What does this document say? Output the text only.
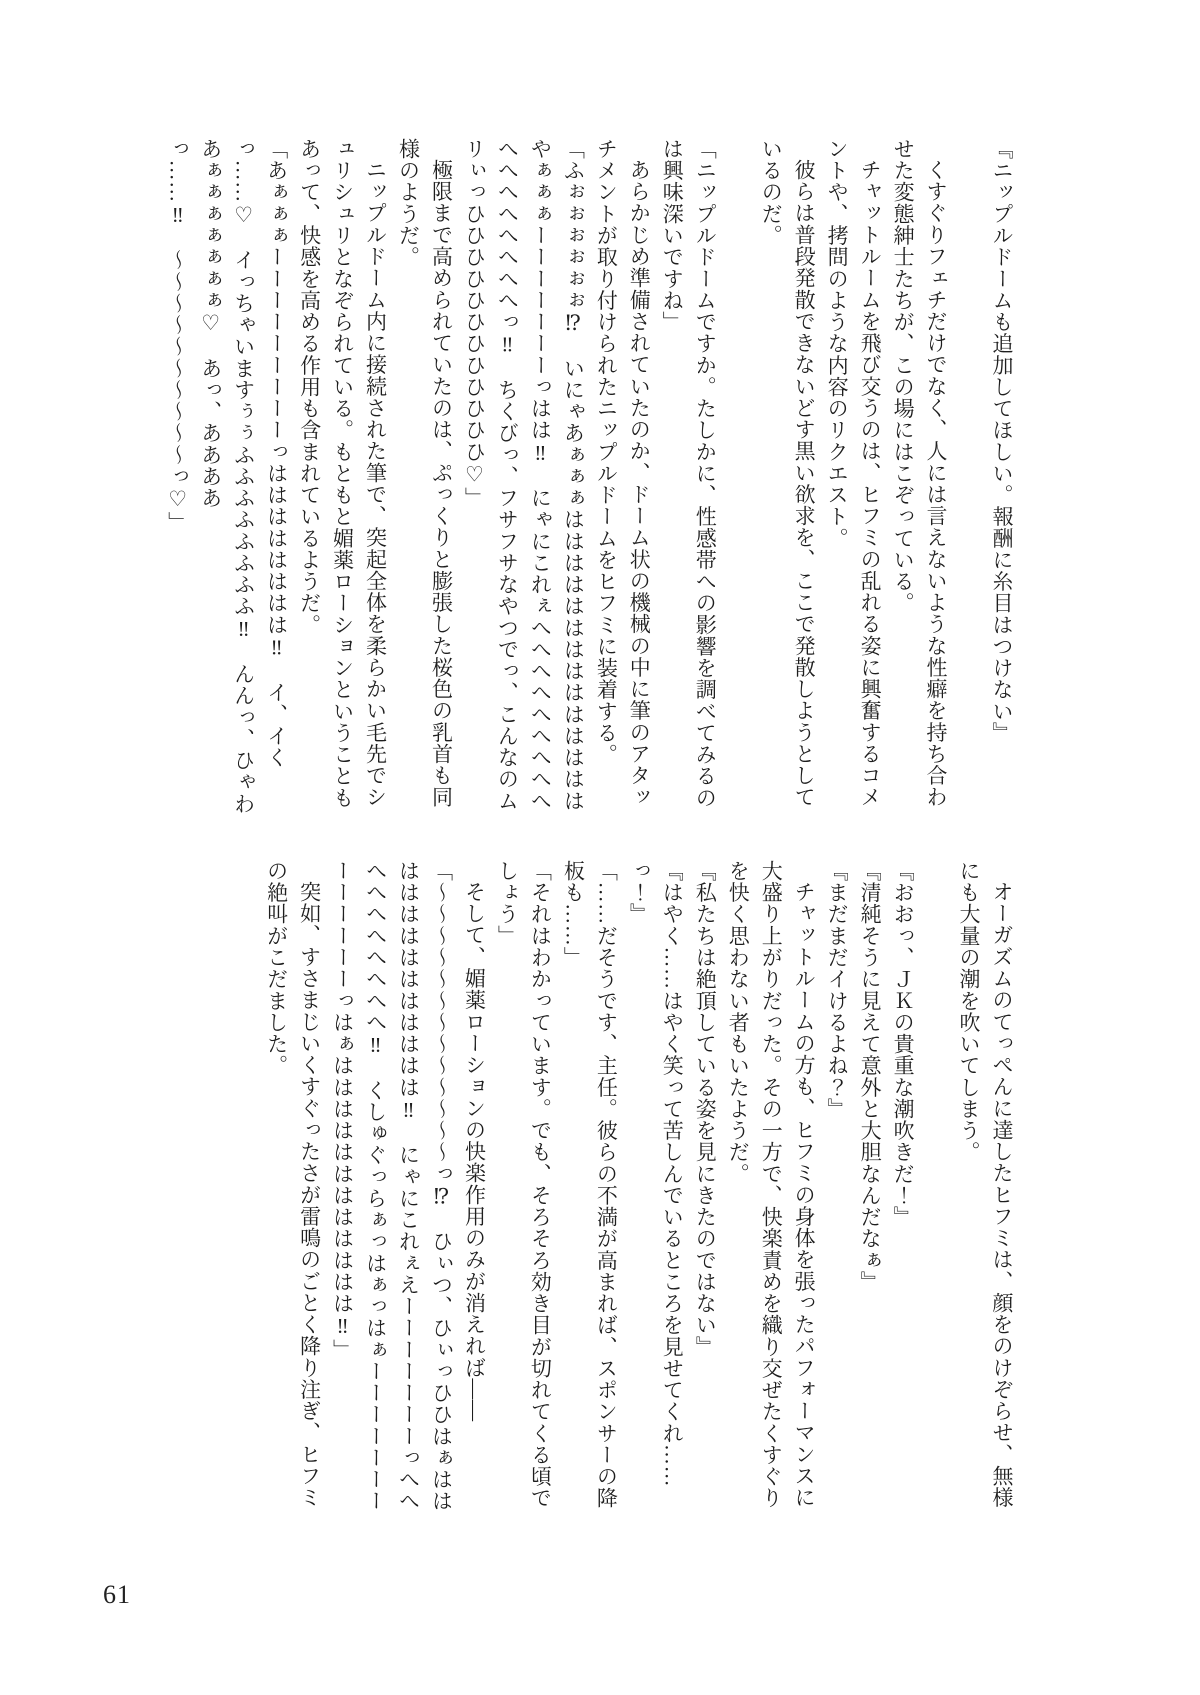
『ニップルドームも追加してほしい。報酬に糸目はつけない』

くすぐりフェチだけでなく、人には言えないような性癖を持ち合わせた変態紳士たちが、この場にはこぞっている。

チャットルームを飛び交うのは、ヒフミの乱れる姿に興奮するコメントや、拷問のような内容のリクエスト。

彼らは普段発散できないどす黒い欲求を、ここで発散しようとしているのだ。

「ニップルドームですか。たしかに、性感帯への影響を調べてみるのは興味深いですね」

あらかじめ準備されていたのか、ドーム状の機械の中に筆のアタッチメントが取り付けられたニップルドームをヒフミに装着する。

「ふぉぉぉぉぉぉ⁉　いにゃあぁぁぁははははははははははははははやぁぁぁーーーーーーーっはは‼　にゃにこれぇへへへへへへへへへへへへへへへへへっ‼　ちくびっ、フサフサなやつでっ、こんなのムリぃっひひひひひひひひひひひひ♡」

極限まで高められていたのは、ぷっくりと膨張した桜色の乳首も同様のようだ。

ニップルドーム内に接続された筆で、突起全体を柔らかい毛先でシュリシュリとなぞられている。もともと媚薬ローションということもあって、快感を高める作用も含まれているようだ。

「あぁぁぁーーーーーーーーーっはははははははは‼　イ、イくっ……♡　イっちゃいますぅぅふふふふふふふふ‼　んんっ、ひゃわあぁぁぁぁぁぁぁ♡　あっ、ああああっ……‼　〜〜〜〜〜〜〜〜〜〜っ♡」

オーガズムのてっぺんに達したヒフミは、顔をのけぞらせ、無様にも大量の潮を吹いてしまう。

『おおっ、ＪＫの貴重な潮吹きだ！』

『清純そうに見えて意外と大胆なんだなぁ』

『まだまだイけるよね？』

チャットルームの方も、ヒフミの身体を張ったパフォーマンスに大盛り上がりだった。その一方で、快楽責めを織り交ぜたくすぐりを快く思わない者もいたようだ。

『私たちは絶頂している姿を見にきたのではない』

『はやく……はやく笑って苦しんでいるところを見せてくれ……っ！』

「……だそうです、主任。彼らの不満が高まれば、スポンサーの降板も……」

「それはわかっています。でも、そろそろ効き目が切れてくる頃でしょう」

そして、媚薬ローションの快楽作用のみが消えれば——

「〜〜〜〜〜〜〜〜〜〜〜〜〜っ⁉　ひぃつ、ひぃっひひはぁははははははははははははは‼　にゃにこれぇえーーーーーーーっへへへへへへへへへへ‼　くしゅぐっらぁっはぁっはぁーーーーーーーーーーーーーっはぁはははははははははははは‼」

突如、すさまじいくすぐったさが雷鳴のごとく降り注ぎ、ヒフミの絶叫がこだました。

61
